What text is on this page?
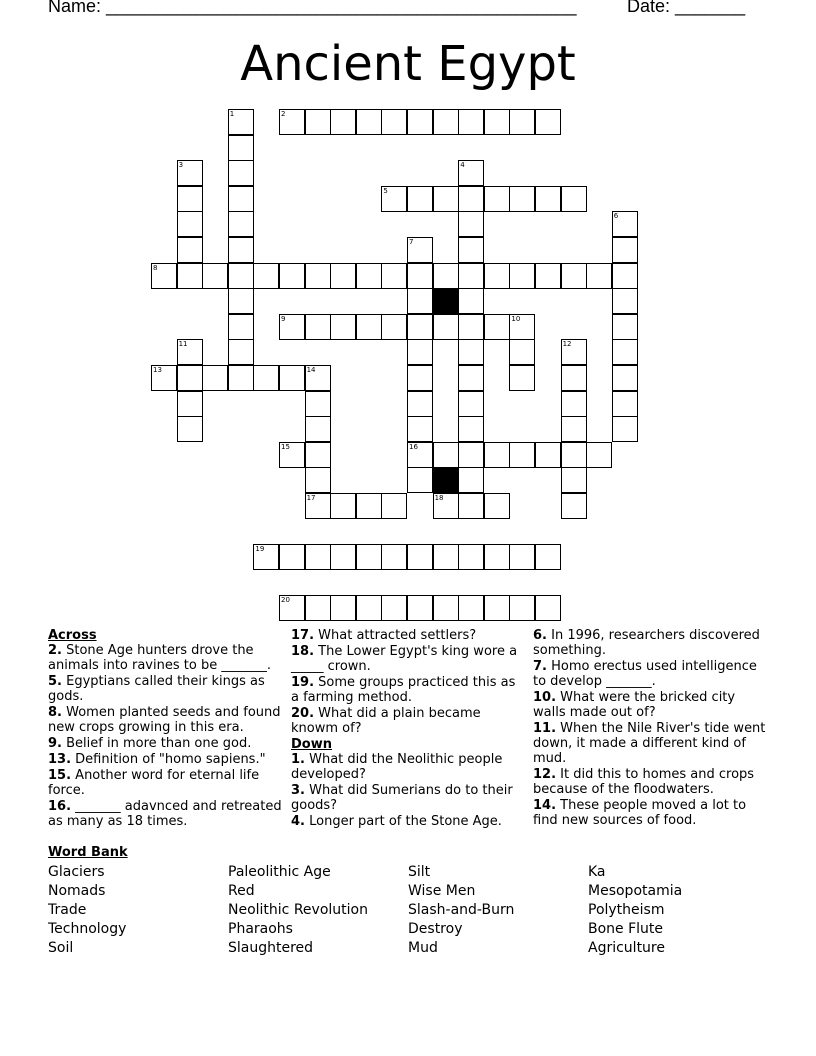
Name: _______________________________________________	Date: _______
Ancient Egypt
2
5
8
9	10
13	14
15	16
17	18
19
20
1
3	4
6
7
11	12
Across
2. Stone Age hunters drove the animals into ravines to be _______.
5. Egyptians called their kings as gods.
8. Women planted seeds and found new crops growing in this era.
9. Belief in more than one god.
13. Definition of "homo sapiens."
15. Another word for eternal life force.
16. _______ adavnced and retreated as many as 18 times.
17. What attracted settlers?
18. The Lower Egypt's king wore a _____ crown.
19. Some groups practiced this as a farming method.
20. What did a plain became knowm of?
Down
1. What did the Neolithic people developed?
3. What did Sumerians do to their goods?
4. Longer part of the Stone Age.
6. In 1996, researchers discovered something.
7. Homo erectus used intelligence to develop _______.
10. What were the bricked city walls made out of?
11. When the Nile River's tide went down, it made a different kind of mud.
12. It did this to homes and crops because of the floodwaters.
14. These people moved a lot to find new sources of food.
Word Bank
Glaciers
Nomads
Trade
Technology
Soil
Paleolithic Age
Red
Neolithic Revolution
Pharaohs
Slaughtered
Silt
Wise Men
Slash-and-Burn
Destroy
Mud
Ka
Mesopotamia
Polytheism
Bone Flute
Agriculture
